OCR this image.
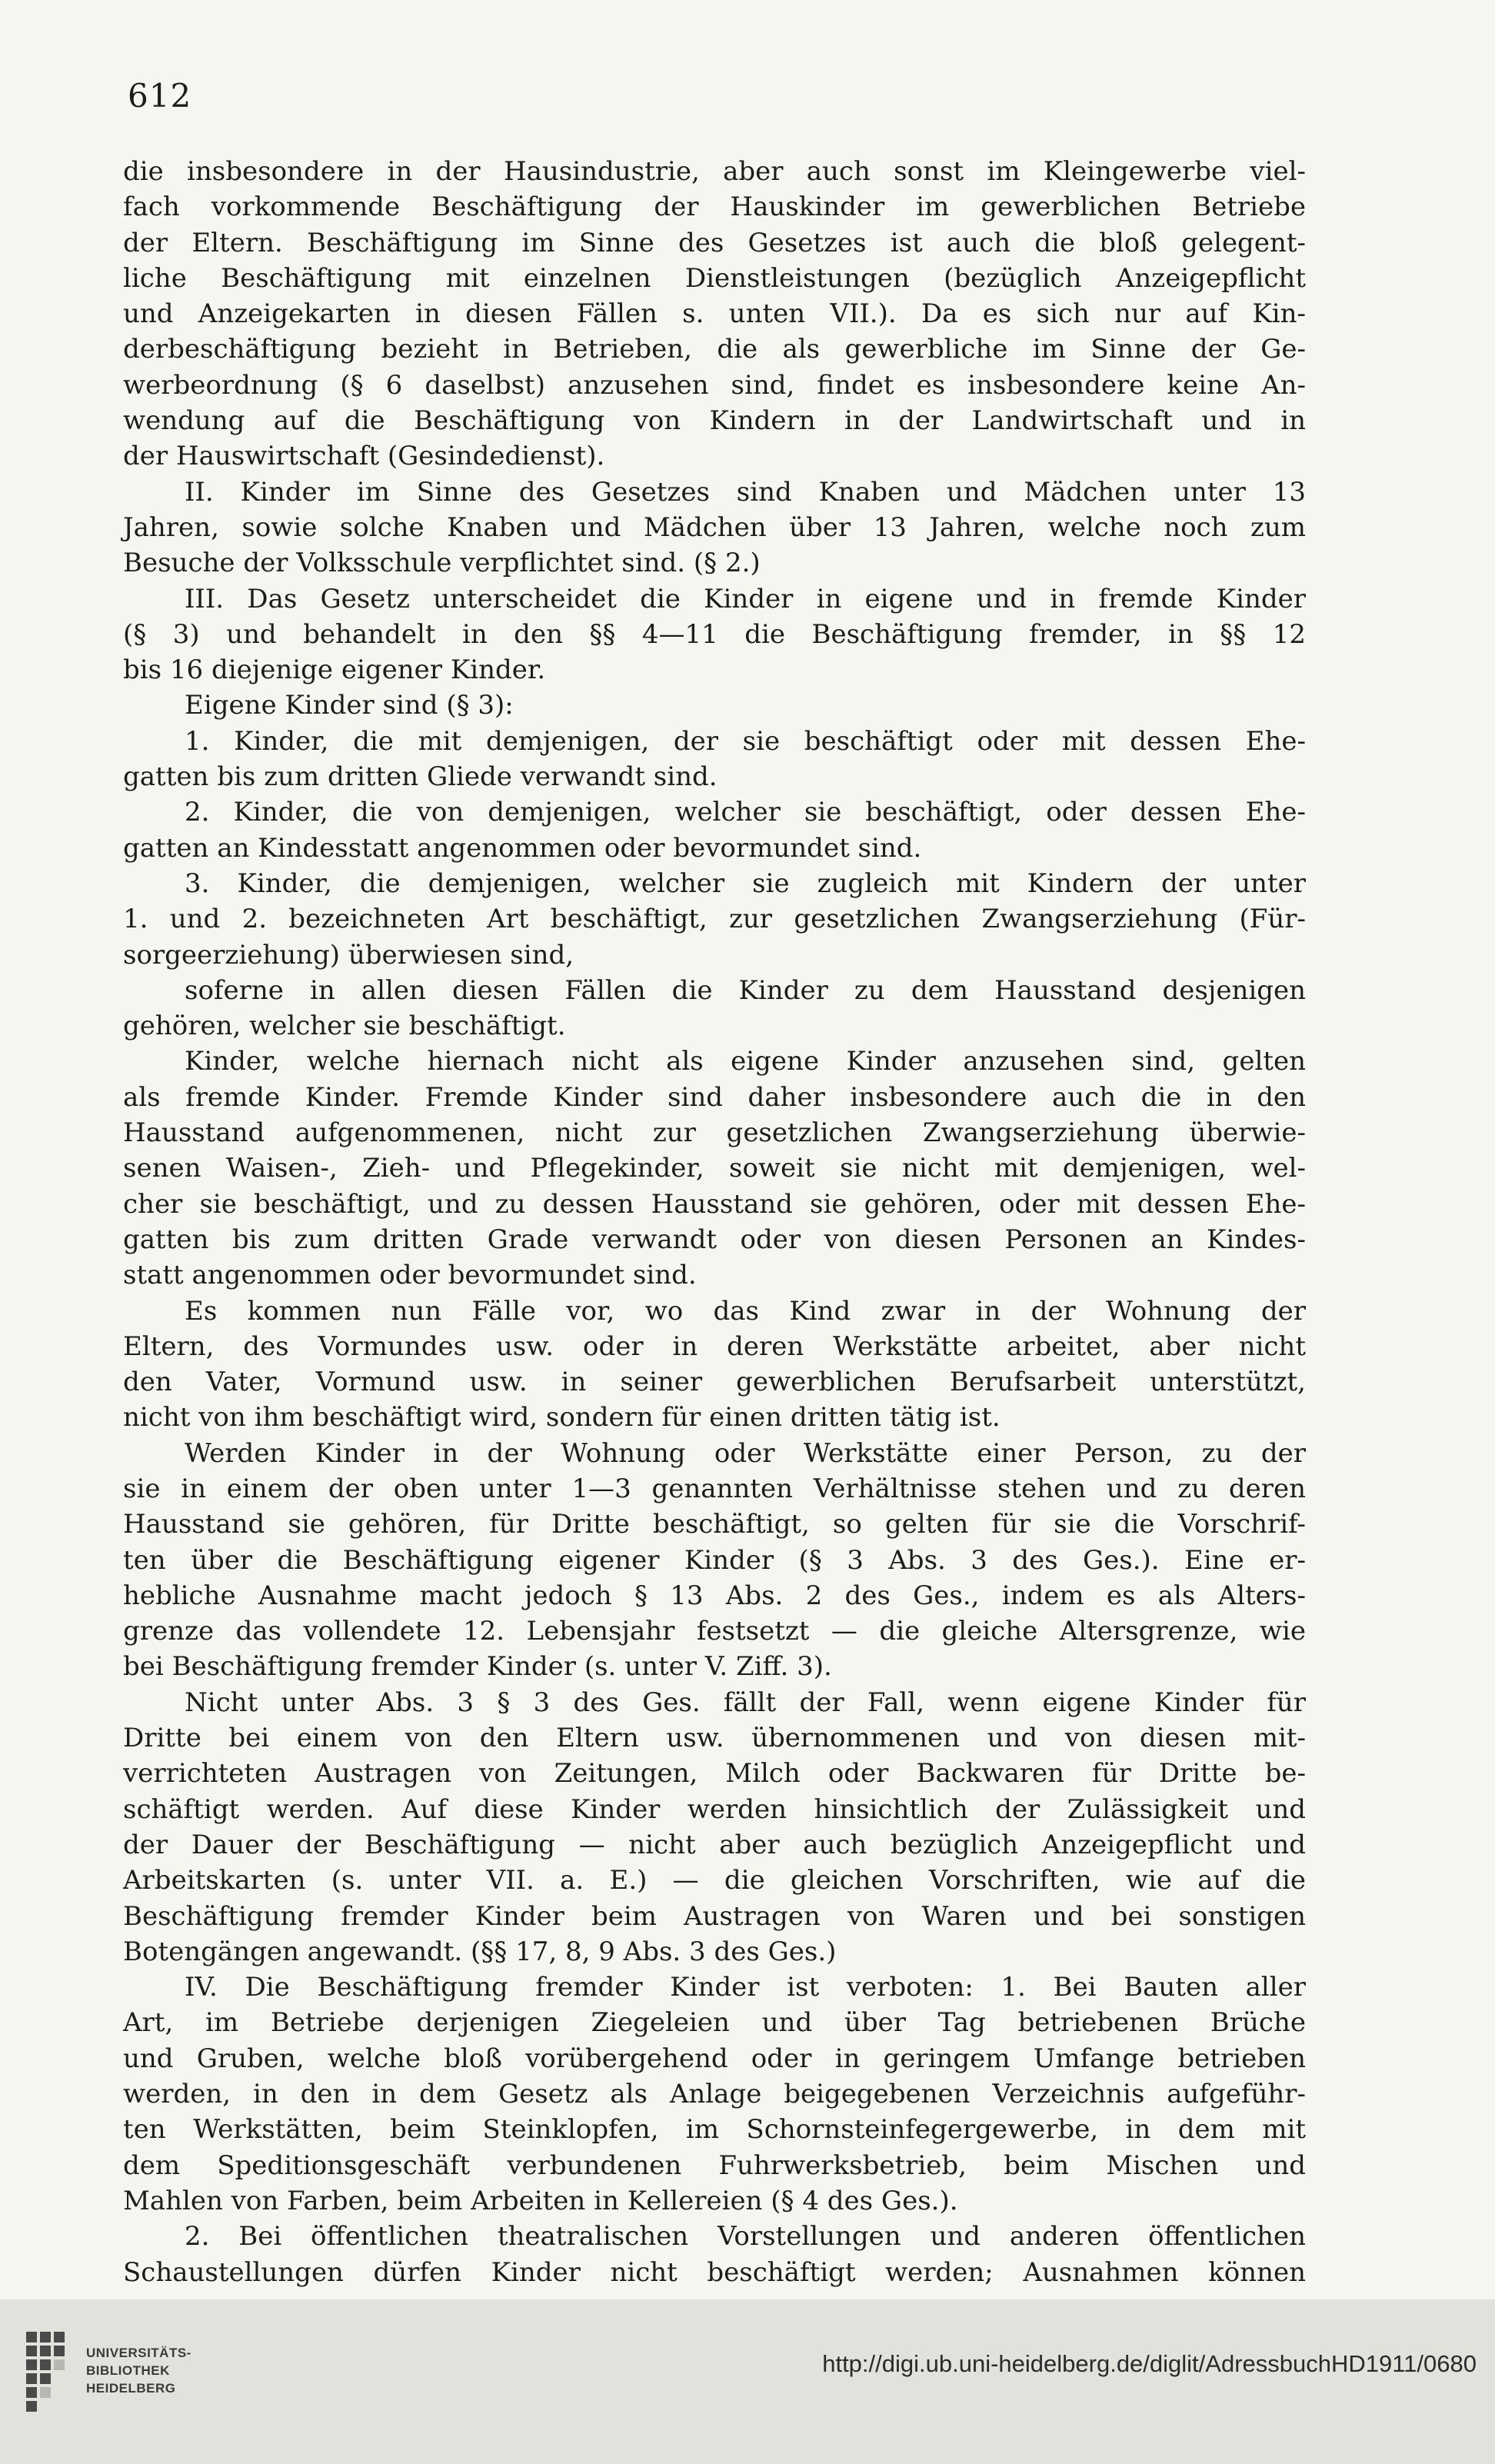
612
die insbesondere in der Hausindustrie, aber auch sonst im Kleingewerbe viel-
fach vorkommende Beschäftigung der Hauskinder im gewerblichen Betriebe
der Eltern. Beschäftigung im Sinne des Gesetzes ist auch die bloß gelegent-
liche Beschäftigung mit einzelnen Dienstleistungen (bezüglich Anzeigepflicht
und Anzeigekarten in diesen Fällen s. unten VII.). Da es sich nur auf Kin-
derbeschäftigung bezieht in Betrieben, die als gewerbliche im Sinne der Ge-
werbeordnung (§ 6 daselbst) anzusehen sind, findet es insbesondere keine An-
wendung auf die Beschäftigung von Kindern in der Landwirtschaft und in
der Hauswirtschaft (Gesindedienst).
II. Kinder im Sinne des Gesetzes sind Knaben und Mädchen unter 13
Jahren, sowie solche Knaben und Mädchen über 13 Jahren, welche noch zum
Besuche der Volksschule verpflichtet sind. (§ 2.)
III. Das Gesetz unterscheidet die Kinder in eigene und in fremde Kinder
(§ 3) und behandelt in den §§ 4—11 die Beschäftigung fremder, in §§ 12
bis 16 diejenige eigener Kinder.
Eigene Kinder sind (§ 3):
1. Kinder, die mit demjenigen, der sie beschäftigt oder mit dessen Ehe-
gatten bis zum dritten Gliede verwandt sind.
2. Kinder, die von demjenigen, welcher sie beschäftigt, oder dessen Ehe-
gatten an Kindesstatt angenommen oder bevormundet sind.
3. Kinder, die demjenigen, welcher sie zugleich mit Kindern der unter
1. und 2. bezeichneten Art beschäftigt, zur gesetzlichen Zwangserziehung (Für-
sorgeerziehung) überwiesen sind,
soferne in allen diesen Fällen die Kinder zu dem Hausstand desjenigen
gehören, welcher sie beschäftigt.
Kinder, welche hiernach nicht als eigene Kinder anzusehen sind, gelten
als fremde Kinder. Fremde Kinder sind daher insbesondere auch die in den
Hausstand aufgenommenen, nicht zur gesetzlichen Zwangserziehung überwie-
senen Waisen-, Zieh- und Pflegekinder, soweit sie nicht mit demjenigen, wel-
cher sie beschäftigt, und zu dessen Hausstand sie gehören, oder mit dessen Ehe-
gatten bis zum dritten Grade verwandt oder von diesen Personen an Kindes-
statt angenommen oder bevormundet sind.
Es kommen nun Fälle vor, wo das Kind zwar in der Wohnung der
Eltern, des Vormundes usw. oder in deren Werkstätte arbeitet, aber nicht
den Vater, Vormund usw. in seiner gewerblichen Berufsarbeit unterstützt,
nicht von ihm beschäftigt wird, sondern für einen dritten tätig ist.
Werden Kinder in der Wohnung oder Werkstätte einer Person, zu der
sie in einem der oben unter 1—3 genannten Verhältnisse stehen und zu deren
Hausstand sie gehören, für Dritte beschäftigt, so gelten für sie die Vorschrif-
ten über die Beschäftigung eigener Kinder (§ 3 Abs. 3 des Ges.). Eine er-
hebliche Ausnahme macht jedoch § 13 Abs. 2 des Ges., indem es als Alters-
grenze das vollendete 12. Lebensjahr festsetzt — die gleiche Altersgrenze, wie
bei Beschäftigung fremder Kinder (s. unter V. Ziff. 3).
Nicht unter Abs. 3 § 3 des Ges. fällt der Fall, wenn eigene Kinder für
Dritte bei einem von den Eltern usw. übernommenen und von diesen mit-
verrichteten Austragen von Zeitungen, Milch oder Backwaren für Dritte be-
schäftigt werden. Auf diese Kinder werden hinsichtlich der Zulässigkeit und
der Dauer der Beschäftigung — nicht aber auch bezüglich Anzeigepflicht und
Arbeitskarten (s. unter VII. a. E.) — die gleichen Vorschriften, wie auf die
Beschäftigung fremder Kinder beim Austragen von Waren und bei sonstigen
Botengängen angewandt. (§§ 17, 8, 9 Abs. 3 des Ges.)
IV. Die Beschäftigung fremder Kinder ist verboten: 1. Bei Bauten aller
Art, im Betriebe derjenigen Ziegeleien und über Tag betriebenen Brüche
und Gruben, welche bloß vorübergehend oder in geringem Umfange betrieben
werden, in den in dem Gesetz als Anlage beigegebenen Verzeichnis aufgeführ-
ten Werkstätten, beim Steinklopfen, im Schornsteinfegergewerbe, in dem mit
dem Speditionsgeschäft verbundenen Fuhrwerksbetrieb, beim Mischen und
Mahlen von Farben, beim Arbeiten in Kellereien (§ 4 des Ges.).
2. Bei öffentlichen theatralischen Vorstellungen und anderen öffentlichen
Schaustellungen dürfen Kinder nicht beschäftigt werden; Ausnahmen können
UNIVERSITÄTS-
BIBLIOTHEK
HEIDELBERG
http://digi.ub.uni-heidelberg.de/diglit/AdressbuchHD1911/0680
